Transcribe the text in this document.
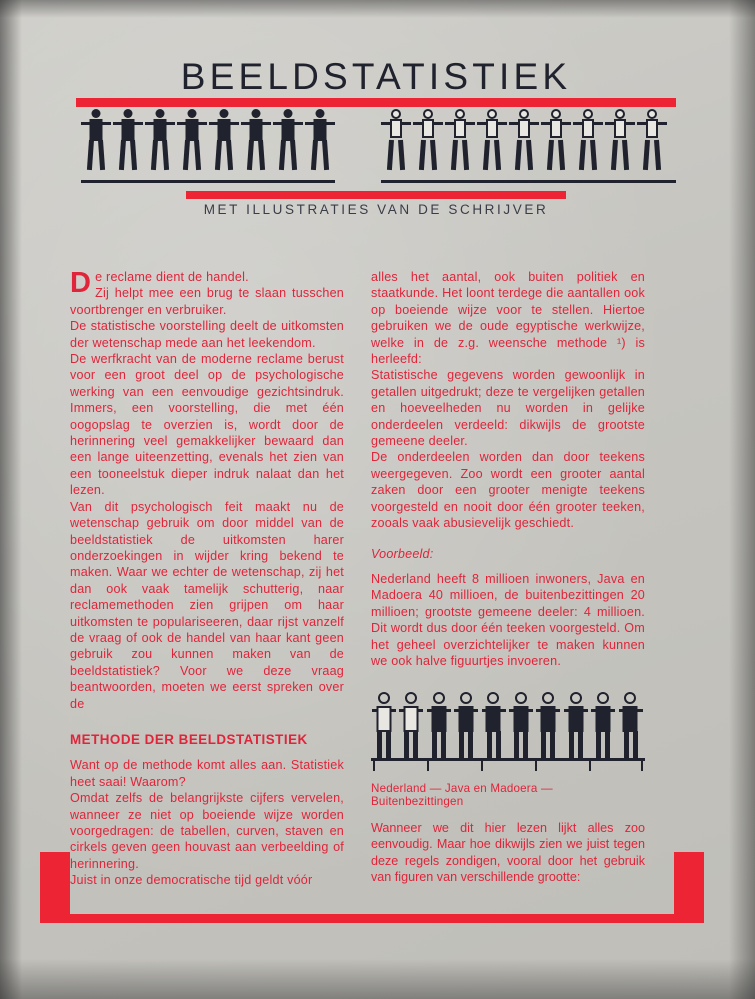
BEELDSTATISTIEK
MET ILLUSTRATIES VAN DE SCHRIJVER

De reclame dient de handel.

Zij helpt mee een brug te slaan tusschen voortbrenger en verbruiker.

De statistische voorstelling deelt de uitkomsten der wetenschap mede aan het leekendom.

De werfkracht van de moderne reclame berust voor een groot deel op de psychologische werking van een eenvoudige gezichtsindruk. Immers, een voorstelling, die met één oogopslag te overzien is, wordt door de herinnering veel gemakkelijker bewaard dan een lange uiteenzetting, evenals het zien van een tooneelstuk dieper indruk nalaat dan het lezen.

Van dit psychologisch feit maakt nu de wetenschap gebruik om door middel van de beeldstatistiek de uitkomsten harer onderzoekingen in wijder kring bekend te maken. Waar we echter de wetenschap, zij het dan ook vaak tamelijk schutterig, naar reclamemethoden zien grijpen om haar uitkomsten te populariseeren, daar rijst vanzelf de vraag of ook de handel van haar kant geen gebruik zou kunnen maken van de beeldstatistiek? Voor we deze vraag beantwoorden, moeten we eerst spreken over de

METHODE DER BEELDSTATISTIEK

Want op de methode komt alles aan. Statistiek heet saai! Waarom?

Omdat zelfs de belangrijkste cijfers vervelen, wanneer ze niet op boeiende wijze worden voorgedragen: de tabellen, curven, staven en cirkels geven geen houvast aan verbeelding of herinnering.

Juist in onze democratische tijd geldt vóór

alles het aantal, ook buiten politiek en staatkunde. Het loont terdege die aantallen ook op boeiende wijze voor te stellen. Hiertoe gebruiken we de oude egyptische werkwijze, welke in de z.g. weensche methode ¹) is herleefd:

Statistische gegevens worden gewoonlijk in getallen uitgedrukt; deze te vergelijken getallen en hoeveelheden nu worden in gelijke onderdeelen verdeeld: dikwijls de grootste gemeene deeler.

De onderdeelen worden dan door teekens weergegeven. Zoo wordt een grooter aantal zaken door een grooter menigte teekens voorgesteld en nooit door één grooter teeken, zooals vaak abusievelijk geschiedt.

Voorbeeld:

Nederland heeft 8 millioen inwoners, Java en Madoera 40 millioen, de buitenbezittingen 20 millioen; grootste gemeene deeler: 4 millioen. Dit wordt dus door één teeken voorgesteld. Om het geheel overzichtelijker te maken kunnen we ook halve figuurtjes invoeren.

Nederland — Java en Madoera — Buitenbezittingen

Wanneer we dit hier lezen lijkt alles zoo eenvoudig. Maar hoe dikwijls zien we juist tegen deze regels zondigen, vooral door het gebruik van figuren van verschillende grootte:
